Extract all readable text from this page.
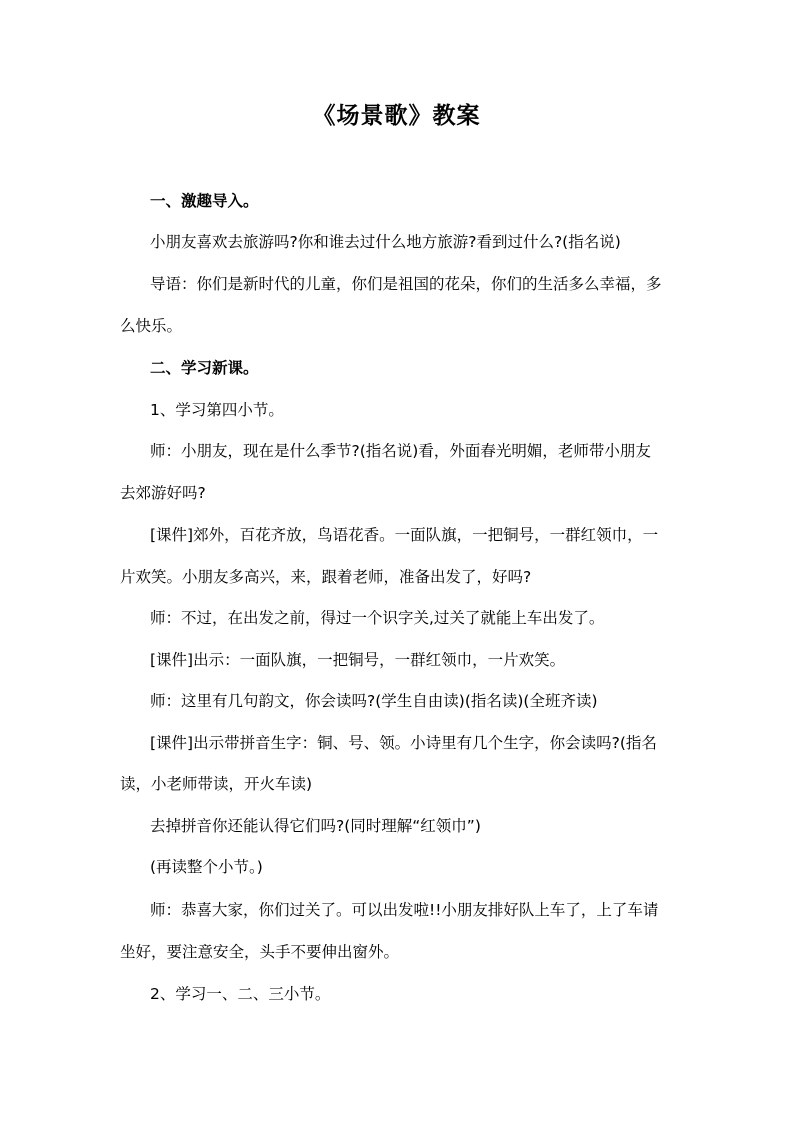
《场景歌》教案
一、激趣导入。
小朋友喜欢去旅游吗?你和谁去过什么地方旅游?看到过什么?(指名说)
导语：你们是新时代的儿童，你们是祖国的花朵，你们的生活多么幸福，多
么快乐。
二、学习新课。
1、学习第四小节。
师：小朋友，现在是什么季节?(指名说)看，外面春光明媚，老师带小朋友
去郊游好吗?
[课件]郊外，百花齐放，鸟语花香。一面队旗，一把铜号，一群红领巾，一
片欢笑。小朋友多高兴，来，跟着老师，准备出发了，好吗?
师：不过，在出发之前，得过一个识字关,过关了就能上车出发了。
[课件]出示：一面队旗，一把铜号，一群红领巾，一片欢笑。
师：这里有几句韵文，你会读吗?(学生自由读)(指名读)(全班齐读)
[课件]出示带拼音生字：铜、号、领。小诗里有几个生字，你会读吗?(指名
读，小老师带读，开火车读)
去掉拼音你还能认得它们吗?(同时理解“红领巾”)
(再读整个小节。)
师：恭喜大家，你们过关了。可以出发啦!!小朋友排好队上车了，上了车请
坐好，要注意安全，头手不要伸出窗外。
2、学习一、二、三小节。
